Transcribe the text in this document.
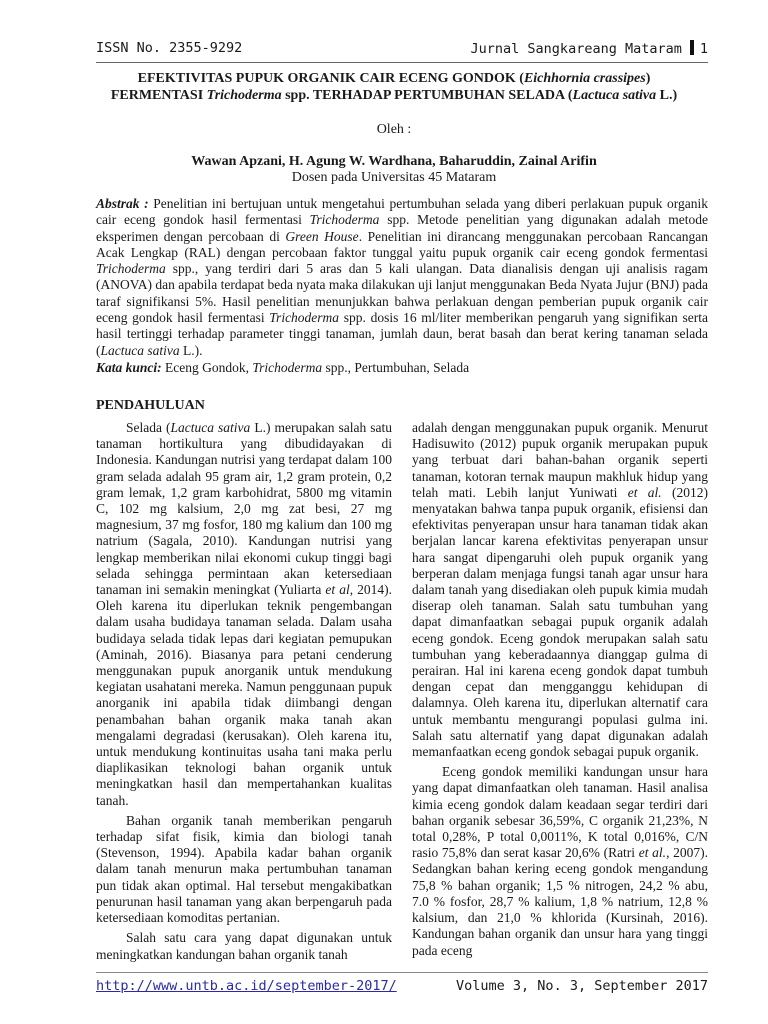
ISSN No. 2355-9292	Jurnal Sangkareang Mataram 1
EFEKTIVITAS PUPUK ORGANIK CAIR ECENG GONDOK (Eichhornia crassipes)
FERMENTASI Trichoderma spp. TERHADAP PERTUMBUHAN SELADA (Lactuca sativa L.)
Oleh :
Wawan Apzani, H. Agung W. Wardhana, Baharuddin, Zainal Arifin
Dosen pada Universitas 45 Mataram
Abstrak : Penelitian ini bertujuan untuk mengetahui pertumbuhan selada yang diberi perlakuan pupuk organik cair eceng gondok hasil fermentasi Trichoderma spp. Metode penelitian yang digunakan adalah metode eksperimen dengan percobaan di Green House. Penelitian ini dirancang menggunakan percobaan Rancangan Acak Lengkap (RAL) dengan percobaan faktor tunggal yaitu pupuk organik cair eceng gondok fermentasi Trichoderma spp., yang terdiri dari 5 aras dan 5 kali ulangan. Data dianalisis dengan uji analisis ragam (ANOVA) dan apabila terdapat beda nyata maka dilakukan uji lanjut menggunakan Beda Nyata Jujur (BNJ) pada taraf signifikansi 5%. Hasil penelitian menunjukkan bahwa perlakuan dengan pemberian pupuk organik cair eceng gondok hasil fermentasi Trichoderma spp. dosis 16 ml/liter memberikan pengaruh yang signifikan serta hasil tertinggi terhadap parameter tinggi tanaman, jumlah daun, berat basah dan berat kering tanaman selada (Lactuca sativa L.).
Kata kunci: Eceng Gondok, Trichoderma spp., Pertumbuhan, Selada
PENDAHULUAN

Selada (Lactuca sativa L.) merupakan salah satu tanaman hortikultura yang dibudidayakan di Indonesia. Kandungan nutrisi yang terdapat dalam 100 gram selada adalah 95 gram air, 1,2 gram protein, 0,2 gram lemak, 1,2 gram karbohidrat, 5800 mg vitamin C, 102 mg kalsium, 2,0 mg zat besi, 27 mg magnesium, 37 mg fosfor, 180 mg kalium dan 100 mg natrium (Sagala, 2010). Kandungan nutrisi yang lengkap memberikan nilai ekonomi cukup tinggi bagi selada sehingga permintaan akan ketersediaan tanaman ini semakin meningkat (Yuliarta et al, 2014). Oleh karena itu diperlukan teknik pengembangan dalam usaha budidaya tanaman selada. Dalam usaha budidaya selada tidak lepas dari kegiatan pemupukan (Aminah, 2016). Biasanya para petani cenderung menggunakan pupuk anorganik untuk mendukung kegiatan usahatani mereka. Namun penggunaan pupuk anorganik ini apabila tidak diimbangi dengan penambahan bahan organik maka tanah akan mengalami degradasi (kerusakan). Oleh karena itu, untuk mendukung kontinuitas usaha tani maka perlu diaplikasikan teknologi bahan organik untuk meningkatkan hasil dan mempertahankan kualitas tanah.

Bahan organik tanah memberikan pengaruh terhadap sifat fisik, kimia dan biologi tanah (Stevenson, 1994). Apabila kadar bahan organik dalam tanah menurun maka pertumbuhan tanaman pun tidak akan optimal. Hal tersebut mengakibatkan penurunan hasil tanaman yang akan berpengaruh pada ketersediaan komoditas pertanian.

Salah satu cara yang dapat digunakan untuk meningkatkan kandungan bahan organik tanah

adalah dengan menggunakan pupuk organik. Menurut Hadisuwito (2012) pupuk organik merupakan pupuk yang terbuat dari bahan-bahan organik seperti tanaman, kotoran ternak maupun makhluk hidup yang telah mati. Lebih lanjut Yuniwati et al. (2012) menyatakan bahwa tanpa pupuk organik, efisiensi dan efektivitas penyerapan unsur hara tanaman tidak akan berjalan lancar karena efektivitas penyerapan unsur hara sangat dipengaruhi oleh pupuk organik yang berperan dalam menjaga fungsi tanah agar unsur hara dalam tanah yang disediakan oleh pupuk kimia mudah diserap oleh tanaman. Salah satu tumbuhan yang dapat dimanfaatkan sebagai pupuk organik adalah eceng gondok. Eceng gondok merupakan salah satu tumbuhan yang keberadaannya dianggap gulma di perairan. Hal ini karena eceng gondok dapat tumbuh dengan cepat dan mengganggu kehidupan di dalamnya. Oleh karena itu, diperlukan alternatif cara untuk membantu mengurangi populasi gulma ini. Salah satu alternatif yang dapat digunakan adalah memanfaatkan eceng gondok sebagai pupuk organik.

Eceng gondok memiliki kandungan unsur hara yang dapat dimanfaatkan oleh tanaman. Hasil analisa kimia eceng gondok dalam keadaan segar terdiri dari bahan organik sebesar 36,59%, C organik 21,23%, N total 0,28%, P total 0,0011%, K total 0,016%, C/N rasio 75,8% dan serat kasar 20,6% (Ratri et al., 2007). Sedangkan bahan kering eceng gondok mengandung 75,8 % bahan organik; 1,5 % nitrogen, 24,2 % abu, 7.0 % fosfor, 28,7 % kalium, 1,8 % natrium, 12,8 % kalsium, dan 21,0 % khlorida (Kursinah, 2016). Kandungan bahan organik dan unsur hara yang tinggi pada eceng

http://www.untb.ac.id/september-2017/	Volume 3, No. 3, September 2017
